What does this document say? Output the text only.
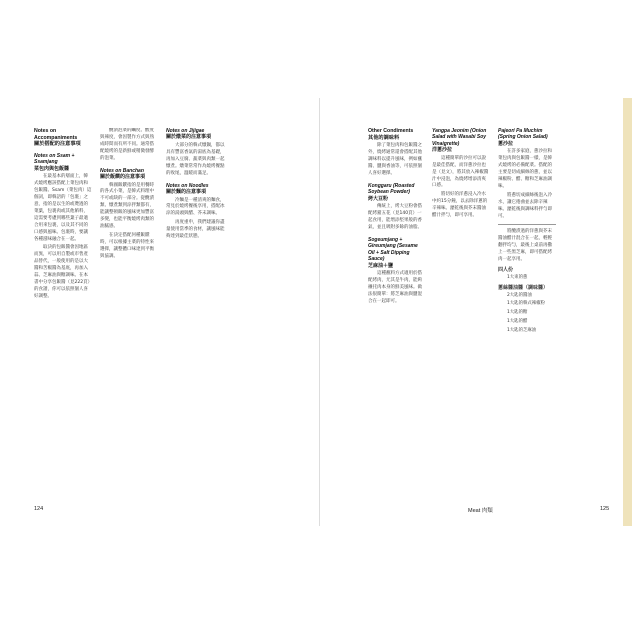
Notes on Accompaniments
關於搭配的注意事項
Notes on Ssam + Ssamjang
菜包肉與包飯醬

在最基本的層面上，韓式燒烤應該搭配上菜包肉和包飯醬。Ssam（菜包肉）這個詞，即韓語的「包裹」之意，指的是以生的或燙過的菜葉，包裹肉或其他餡料，這需要考慮到哪些葉子最適合用來包裹，以及其不同的口感與風味。包裹時，要讓各種滋味融合在一起。

取決的包飯醬會因地區而異，可以用自製或市售產品替代，一般使用的是以大醬和苦椒醬為基底，再加入蒜、芝麻油與糖調味。在本書中分享包飯醬（見222頁）的食譜，你可以依照個人喜好調整。

醃漬泡菜的鹹度、酸度與辣度，會因製作方式與熟成時間而有所不同。通常搭配燒烤的是新鮮或稍微發酵的泡菜。

Notes on Banchan
關於飯饌的注意事項

韓國飯饌指的是用餐時的各式小菜，是韓式料理中不可或缺的一部分。從醃漬類、燉煮類到涼拌類都有，能讓整頓飯的風味更加豐富多變，也能平衡燒烤肉類的油膩感。

在決定搭配何種飯饌時，可以根據主菜的特性來選擇，讓整體口味達到平衡與協調。

Notes on Jijigae
關於燉菜的注意事項

大部分的韓式燉鍋，都以具有豐富香氣的湯底為基礎，再加入豆腐、蔬菜與肉類一起燉煮。燉菜常常作為燒烤餐點的收尾，溫暖而滿足。

Notes on Noodles
關於麵的注意事項

冷麵是一種清爽的麵食，常見於燒烤餐後享用，搭配冰涼的湯頭與醋、芥末調味。

再度重申，我們建議你盡量使用當季的食材，讓風味能夠達到最佳狀態。

124
Other Condiments
其他的調味料

除了菜包肉和包飯醬之外，燒烤通常還會搭配其他調味料以提升風味，例如蘸醬、鹽與香油等，可依照個人喜好選擇。

Konggaru (Roasted Soybean Powder)
烤大豆粉

傳統上，烤大豆粉會搭配烤豬五花（見140頁）一起食用，能增添堅果般的香氣，並且吸附多餘的油脂。

Sogeumjang + Gireumjang (Sesame Oil + Salt Dipping Sauce)
芝麻油＋鹽

這種蘸料方式適用於搭配烤肉，尤其是牛肉，能夠襯托肉本身的鮮美風味。做法很簡單：將芝麻油與鹽混合在一起即可。

Yangpa Jeonim (Onion Salad with Wasabi Soy Vinaigrette)
洋蔥沙拉

這種簡單的沙拉可以說是最佳搭配，而洋蔥沙拉也是（見文），將其放入辣椒醬汁中浸泡，為燒烤增添清爽口感。

將切好的洋蔥浸入冷水中約15分鐘，以去除洋蔥的辛辣味。瀝乾後與芥末醬油醋汁拌勻，即可享用。

Pajeori Pa Muchim (Spring Onion Salad)
蔥沙拉

在許多家庭，蔥沙拉和菜包肉與包飯醬一樣，是韓式燒烤的必備配菜。搭配的主要是切成細絲的蔥，並以辣椒粉、醋、糖和芝麻油調味。

將蔥切成細絲後泡入冷水，讓它捲曲並去除辛辣味。瀝乾後與調味料拌勻即可。

將醃漬過的洋蔥與芥末醬油醋汁混合在一起，輕輕翻拌均勻，最後上桌前再撒上一些黑芝麻，即可搭配烤肉一起享用。

四人份

1大束的蔥

蔥絲醬油醬（調味醬）

2大匙的醬油

1大匙的韓式辣椒粉

1大匙的糖

1大匙的醋

1大匙的芝麻油

Meat 肉類	125
